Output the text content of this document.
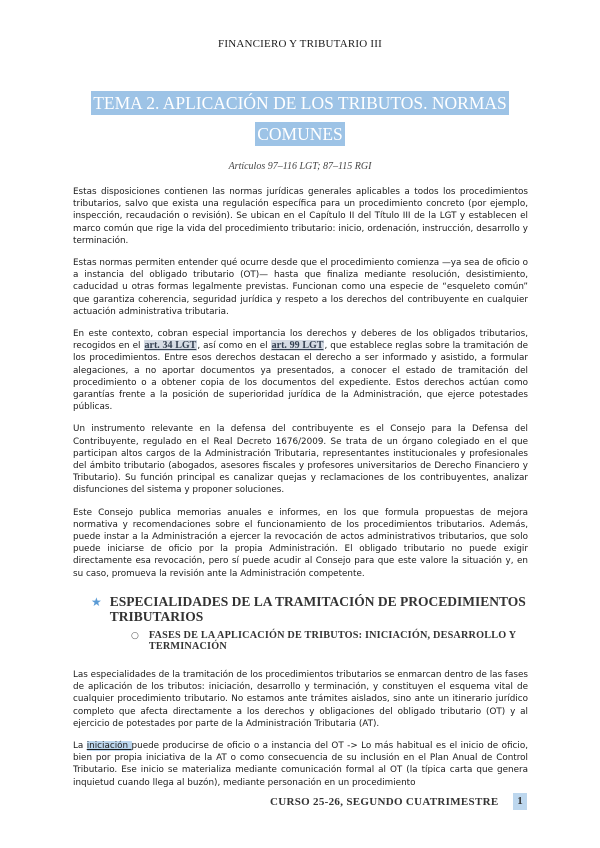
FINANCIERO Y TRIBUTARIO III
TEMA 2. APLICACIÓN DE LOS TRIBUTOS. NORMAS COMUNES
Artículos 97–116 LGT; 87–115 RGI

Estas disposiciones contienen las normas jurídicas generales aplicables a todos los procedimientos tributarios, salvo que exista una regulación específica para un procedimiento concreto (por ejemplo, inspección, recaudación o revisión). Se ubican en el Capítulo II del Título III de la LGT y establecen el marco común que rige la vida del procedimiento tributario: inicio, ordenación, instrucción, desarrollo y terminación.

Estas normas permiten entender qué ocurre desde que el procedimiento comienza —ya sea de oficio o a instancia del obligado tributario (OT)— hasta que finaliza mediante resolución, desistimiento, caducidad u otras formas legalmente previstas. Funcionan como una especie de “esqueleto común” que garantiza coherencia, seguridad jurídica y respeto a los derechos del contribuyente en cualquier actuación administrativa tributaria.

En este contexto, cobran especial importancia los derechos y deberes de los obligados tributarios, recogidos en el art. 34 LGT, así como en el art. 99 LGT, que establece reglas sobre la tramitación de los procedimientos. Entre esos derechos destacan el derecho a ser informado y asistido, a formular alegaciones, a no aportar documentos ya presentados, a conocer el estado de tramitación del procedimiento o a obtener copia de los documentos del expediente. Estos derechos actúan como garantías frente a la posición de superioridad jurídica de la Administración, que ejerce potestades públicas.

Un instrumento relevante en la defensa del contribuyente es el Consejo para la Defensa del Contribuyente, regulado en el Real Decreto 1676/2009. Se trata de un órgano colegiado en el que participan altos cargos de la Administración Tributaria, representantes institucionales y profesionales del ámbito tributario (abogados, asesores fiscales y profesores universitarios de Derecho Financiero y Tributario). Su función principal es canalizar quejas y reclamaciones de los contribuyentes, analizar disfunciones del sistema y proponer soluciones.

Este Consejo publica memorias anuales e informes, en los que formula propuestas de mejora normativa y recomendaciones sobre el funcionamiento de los procedimientos tributarios. Además, puede instar a la Administración a ejercer la revocación de actos administrativos tributarios, que solo puede iniciarse de oficio por la propia Administración. El obligado tributario no puede exigir directamente esa revocación, pero sí puede acudir al Consejo para que este valore la situación y, en su caso, promueva la revisión ante la Administración competente.

★ ESPECIALIDADES DE LA TRAMITACIÓN DE PROCEDIMIENTOS TRIBUTARIOS
○ FASES DE LA APLICACIÓN DE TRIBUTOS: INICIACIÓN, DESARROLLO Y TERMINACIÓN

Las especialidades de la tramitación de los procedimientos tributarios se enmarcan dentro de las fases de aplicación de los tributos: iniciación, desarrollo y terminación, y constituyen el esquema vital de cualquier procedimiento tributario. No estamos ante trámites aislados, sino ante un itinerario jurídico completo que afecta directamente a los derechos y obligaciones del obligado tributario (OT) y al ejercicio de potestades por parte de la Administración Tributaria (AT).

La iniciación puede producirse de oficio o a instancia del OT -> Lo más habitual es el inicio de oficio, bien por propia iniciativa de la AT o como consecuencia de su inclusión en el Plan Anual de Control Tributario. Ese inicio se materializa mediante comunicación formal al OT (la típica carta que genera inquietud cuando llega al buzón), mediante personación en un procedimiento

CURSO 25-26, SEGUNDO CUATRIMESTRE	1
